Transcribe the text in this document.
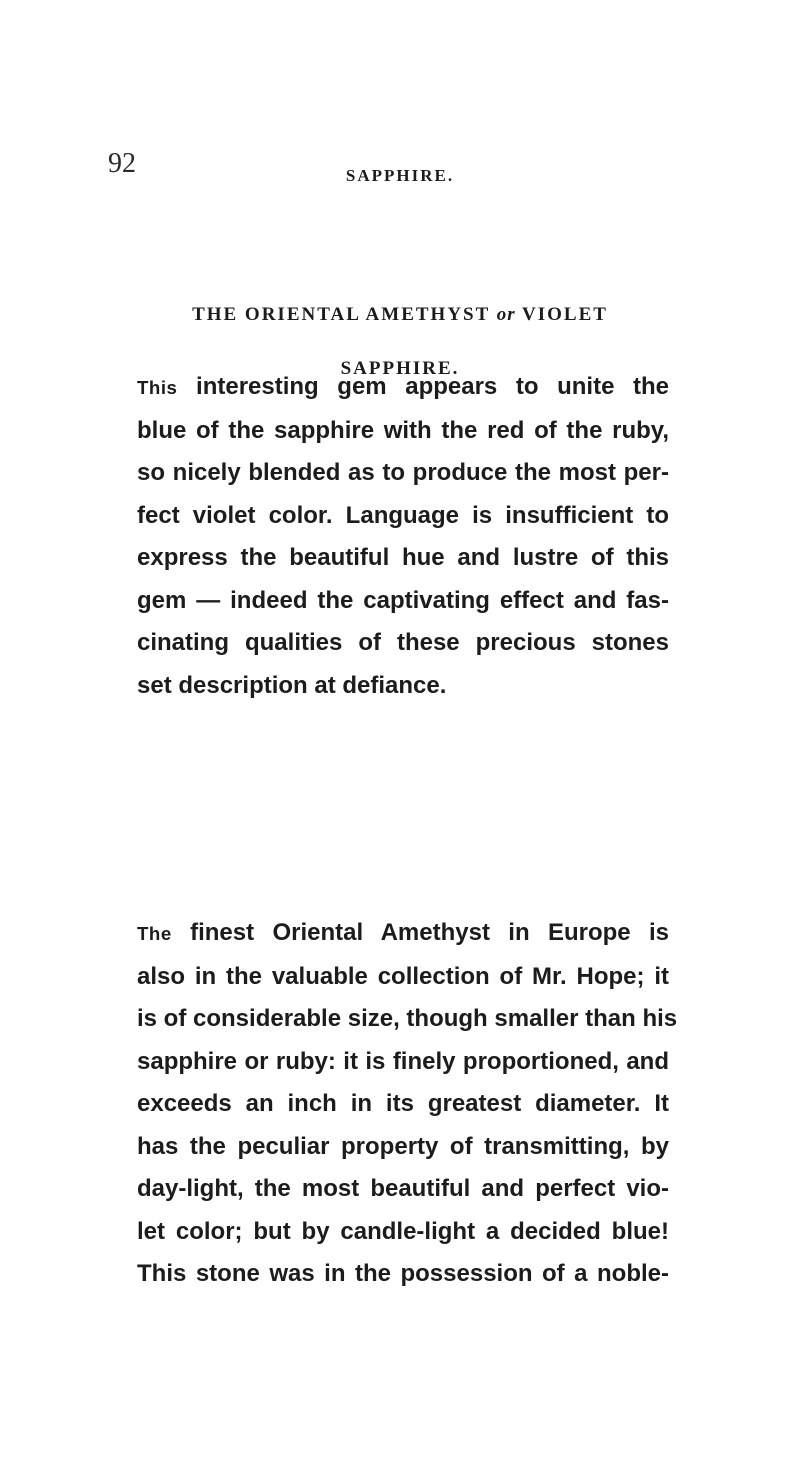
92	SAPPHIRE.
THE ORIENTAL AMETHYST or VIOLET
SAPPHIRE.
This interesting gem appears to unite the
blue of the sapphire with the red of the ruby,
so nicely blended as to produce the most per-
fect violet color. Language is insufficient to
express the beautiful hue and lustre of this
gem — indeed the captivating effect and fas-
cinating qualities of these precious stones
set description at defiance.
The finest Oriental Amethyst in Europe is
also in the valuable collection of Mr. Hope; it
is of considerable size, though smaller than his
sapphire or ruby: it is finely proportioned, and
exceeds an inch in its greatest diameter. It
has the peculiar property of transmitting, by
day-light, the most beautiful and perfect vio-
let color; but by candle-light a decided blue!
This stone was in the possession of a noble-
